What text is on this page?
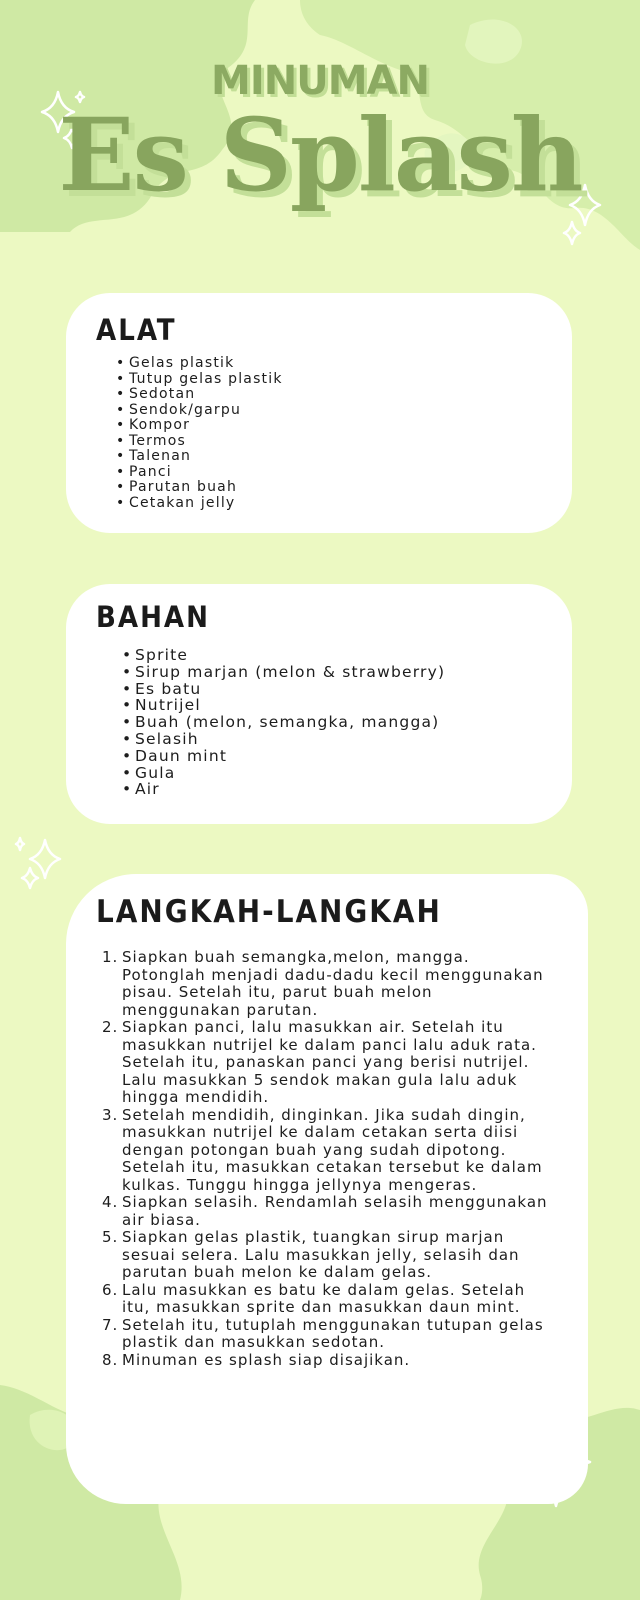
MINUMAN
Es Splash
ALAT
• Gelas plastik
• Tutup gelas plastik
• Sedotan
• Sendok/garpu
• Kompor
• Termos
• Talenan
• Panci
• Parutan buah
• Cetakan jelly
BAHAN
• Sprite
• Sirup marjan (melon & strawberry)
• Es batu
• Nutrijel
• Buah (melon, semangka, mangga)
• Selasih
• Daun mint
• Gula
• Air
LANGKAH-LANGKAH
1. Siapkan buah semangka,melon, mangga. Potonglah menjadi dadu-dadu kecil menggunakan pisau. Setelah itu, parut buah melon menggunakan parutan.
2. Siapkan panci, lalu masukkan air. Setelah itu masukkan nutrijel ke dalam panci lalu aduk rata. Setelah itu, panaskan panci yang berisi nutrijel. Lalu masukkan 5 sendok makan gula lalu aduk hingga mendidih.
3. Setelah mendidih, dinginkan. Jika sudah dingin, masukkan nutrijel ke dalam cetakan serta diisi dengan potongan buah yang sudah dipotong. Setelah itu, masukkan cetakan tersebut ke dalam kulkas. Tunggu hingga jellynya mengeras.
4. Siapkan selasih. Rendamlah selasih menggunakan air biasa.
5. Siapkan gelas plastik, tuangkan sirup marjan sesuai selera. Lalu masukkan jelly, selasih dan parutan buah melon ke dalam gelas.
6. Lalu masukkan es batu ke dalam gelas. Setelah itu, masukkan sprite dan masukkan daun mint.
7. Setelah itu, tutuplah menggunakan tutupan gelas plastik dan masukkan sedotan.
8. Minuman es splash siap disajikan.
